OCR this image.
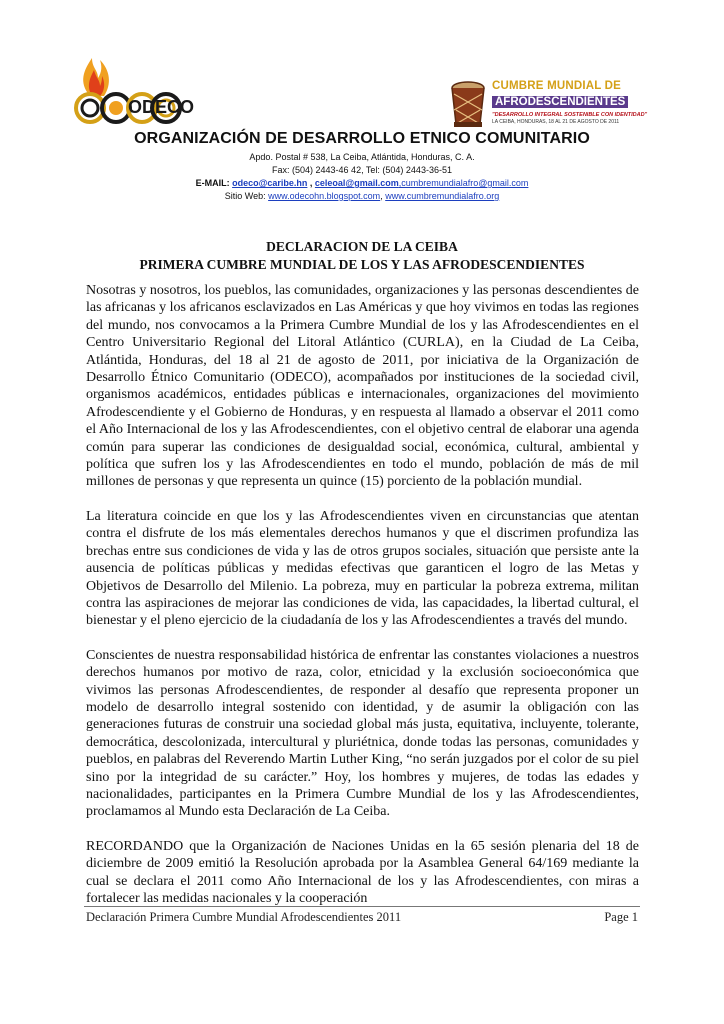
ODECO
CUMBRE MUNDIAL DE
AFRODESCENDIENTES
"DESARROLLO INTEGRAL SOSTENIBLE CON IDENTIDAD"
LA CEIBA, HONDURAS, 18 AL 21 DE AGOSTO DE 2011
ORGANIZACIÓN DE DESARROLLO ETNICO COMUNITARIO
Apdo. Postal # 538, La Ceiba, Atlántida, Honduras, C. A.
Fax: (504) 2443-46 42, Tel: (504) 2443-36-51
E-MAIL: odeco@caribe.hn , celeoal@gmail.com,cumbremundialafro@gmail.com
Sitio Web: www.odecohn.blogspot.com, www.cumbremundialafro.org
DECLARACION DE LA CEIBA
PRIMERA CUMBRE MUNDIAL DE LOS Y LAS AFRODESCENDIENTES

Nosotras y nosotros, los pueblos, las comunidades, organizaciones y las personas descendientes de las africanas y los africanos esclavizados en Las Américas y que hoy vivimos en todas las regiones del mundo, nos convocamos a la Primera Cumbre Mundial de los y las Afrodescendientes en el Centro Universitario Regional del Litoral Atlántico (CURLA), en la Ciudad de La Ceiba, Atlántida, Honduras, del 18 al 21 de agosto de 2011, por iniciativa de la Organización de Desarrollo Étnico Comunitario (ODECO), acompañados por instituciones de la sociedad civil, organismos académicos, entidades públicas e internacionales, organizaciones del movimiento Afrodescendiente y el Gobierno de Honduras, y en respuesta al llamado a observar el 2011 como el Año Internacional de los y las Afrodescendientes, con el objetivo central de elaborar una agenda común para superar las condiciones de desigualdad social, económica, cultural, ambiental y política que sufren los y las Afrodescendientes en todo el mundo, población de más de mil millones de personas y que representa un quince (15) porciento de la población mundial.

La literatura coincide en que los y las Afrodescendientes viven en circunstancias que atentan contra el disfrute de los más elementales derechos humanos y que el discrimen profundiza las brechas entre sus condiciones de vida y las de otros grupos sociales, situación que persiste ante la ausencia de políticas públicas y medidas efectivas que garanticen el logro de las Metas y Objetivos de Desarrollo del Milenio. La pobreza, muy en particular la pobreza extrema, militan contra las aspiraciones de mejorar las condiciones de vida, las capacidades, la libertad cultural, el bienestar y el pleno ejercicio de la ciudadanía de los y las Afrodescendientes a través del mundo.

Conscientes de nuestra responsabilidad histórica de enfrentar las constantes violaciones a nuestros derechos humanos por motivo de raza, color, etnicidad y la exclusión socioeconómica que vivimos las personas Afrodescendientes, de responder al desafío que representa proponer un modelo de desarrollo integral sostenido con identidad, y de asumir la obligación con las generaciones futuras de construir una sociedad global más justa, equitativa, incluyente, tolerante, democrática, descolonizada, intercultural y pluriétnica, donde todas las personas, comunidades y pueblos, en palabras del Reverendo Martin Luther King, “no serán juzgados por el color de su piel sino por la integridad de su carácter.” Hoy, los hombres y mujeres, de todas las edades y nacionalidades, participantes en la Primera Cumbre Mundial de los y las Afrodescendientes, proclamamos al Mundo esta Declaración de La Ceiba.

RECORDANDO que la Organización de Naciones Unidas en la 65 sesión plenaria del 18 de diciembre de 2009 emitió la Resolución aprobada por la Asamblea General 64/169 mediante la cual se declara el 2011 como Año Internacional de los y las Afrodescendientes, con miras a fortalecer las medidas nacionales y la cooperación

Declaración Primera Cumbre Mundial Afrodescendientes 2011	Page 1
